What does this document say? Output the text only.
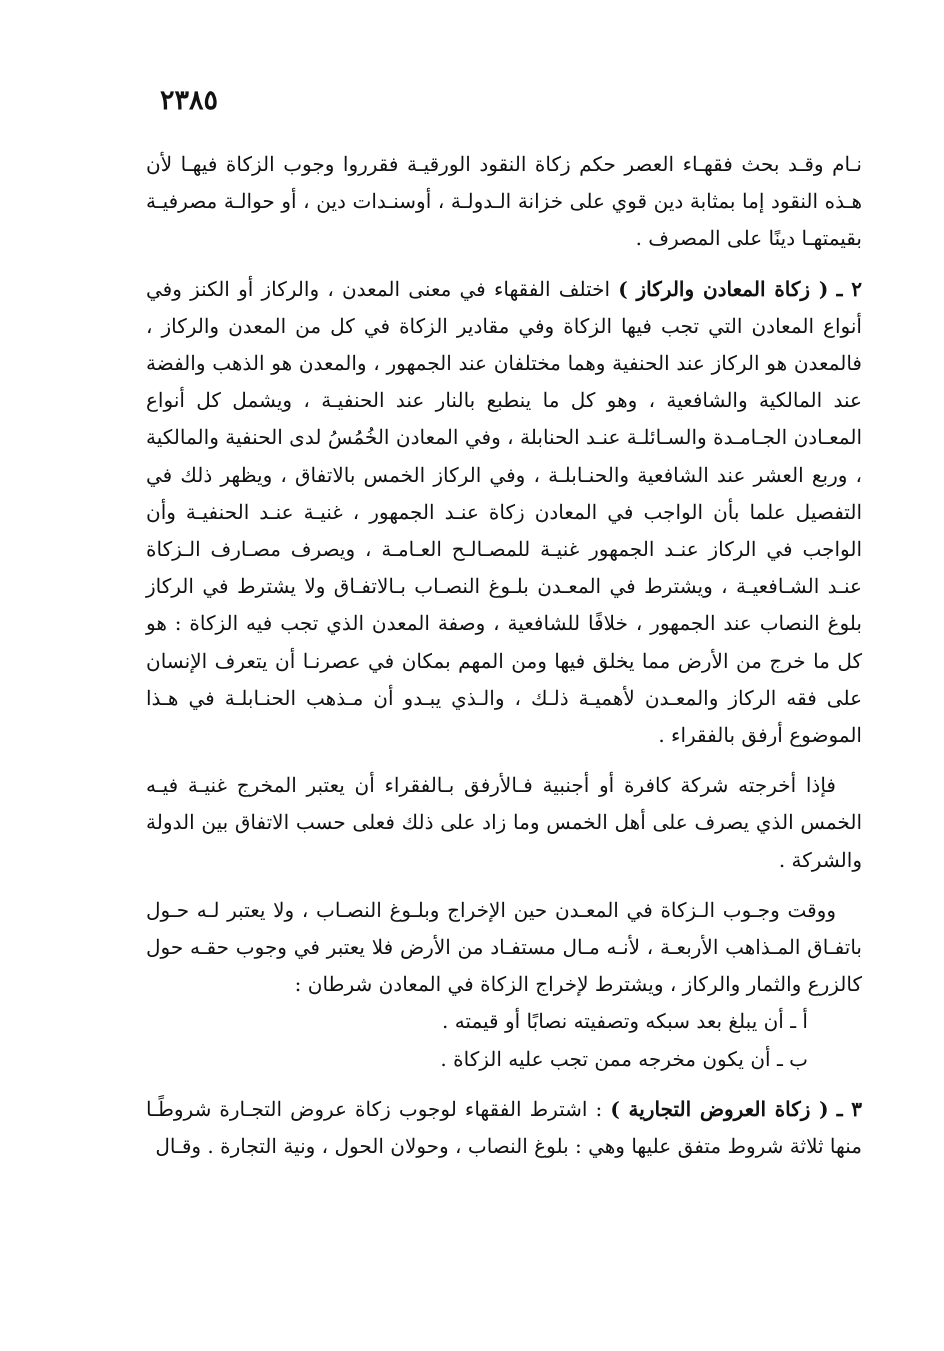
٢٣٨٥

نـام وقـد بحث فقهـاء العصر حكم زكاة النقود الورقيـة فقرروا وجوب الزكاة فيهـا لأن هـذه النقود إما بمثابة دين قوي على خزانة الـدولـة ، أوسنـدات دين ، أو حوالـة مصرفيـة بقيمتهـا دينًا على المصرف .

٢ ـ ( زكاة المعادن والركاز ) اختلف الفقهاء في معنى المعدن ، والركاز أو الكنز وفي أنواع المعادن التي تجب فيها الزكاة وفي مقادير الزكاة في كل من المعدن والركاز ، فالمعدن هو الركاز عند الحنفية وهما مختلفان عند الجمهور ، والمعدن هو الذهب والفضة عند المالكية والشافعية ، وهو كل ما ينطبع بالنار عند الحنفيـة ، ويشمل كل أنواع المعـادن الجـامـدة والسـائلـة عنـد الحنابلة ، وفي المعادن الخُمُسُ لدى الحنفية والمالكية ، وربع العشر عند الشافعية والحنـابلـة ، وفي الركاز الخمس بالاتفاق ، ويظهر ذلك في التفصيل علما بأن الواجب في المعادن زكاة عنـد الجمهور ، غنيـة عنـد الحنفيـة وأن الواجب في الركاز عنـد الجمهور غنيـة للمصـالـح العـامـة ، ويصرف مصـارف الـزكاة عنـد الشـافعيـة ، ويشترط في المعـدن بلـوغ النصـاب بـالاتفـاق ولا يشترط في الركاز بلوغ النصاب عند الجمهور ، خلافًا للشافعية ، وصفة المعدن الذي تجب فيه الزكاة : هو كل ما خرج من الأرض مما يخلق فيها ومن المهم بمكان في عصرنـا أن يتعرف الإنسان على فقه الركاز والمعـدن لأهميـة ذلـك ، والـذي يبـدو أن مـذهب الحنـابلـة في هـذا الموضوع أرفق بالفقراء .

فإذا أخرجته شركة كافرة أو أجنبية فـالأرفق بـالفقراء أن يعتبر المخرج غنيـة فيـه الخمس الذي يصرف على أهل الخمس وما زاد على ذلك فعلى حسب الاتفاق بين الدولة والشركة .

ووقت وجـوب الـزكاة في المعـدن حين الإخراج وبلـوغ النصـاب ، ولا يعتبر لـه حـول باتفـاق المـذاهب الأربعـة ، لأنـه مـال مستفـاد من الأرض فلا يعتبر في وجوب حقـه حول كالزرع والثمار والركاز ، ويشترط لإخراج الزكاة في المعادن شرطان :

أ ـ أن يبلغ بعد سبكه وتصفيته نصابًا أو قيمته .

ب ـ أن يكون مخرجه ممن تجب عليه الزكاة .

٣ ـ ( زكاة العروض التجارية ) : اشترط الفقهاء لوجوب زكاة عروض التجـارة شروطًـا منها ثلاثة شروط متفق عليها وهي : بلوغ النصاب ، وحولان الحول ، ونية التجارة . وقـال
